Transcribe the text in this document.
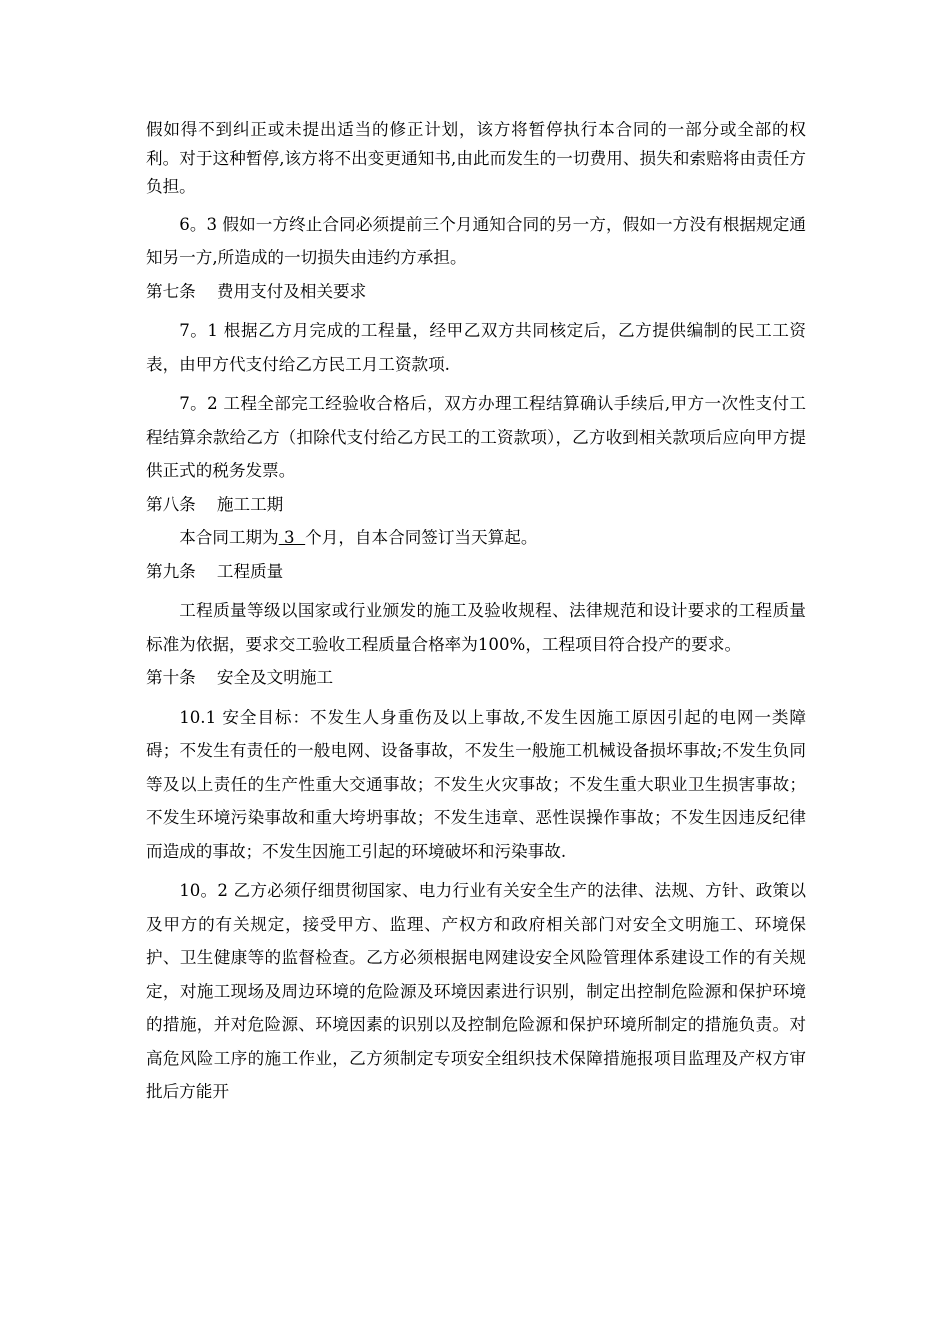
假如得不到纠正或未提出适当的修正计划，该方将暂停执行本合同的一部分或全部的权利。对于这种暂停,该方将不出变更通知书,由此而发生的一切费用、损失和索赔将由责任方负担。

6。3 假如一方终止合同必须提前三个月通知合同的另一方，假如一方没有根据规定通知另一方,所造成的一切损失由违约方承担。

第七条    费用支付及相关要求

7。1 根据乙方月完成的工程量，经甲乙双方共同核定后，乙方提供编制的民工工资表，由甲方代支付给乙方民工月工资款项.

7。2 工程全部完工经验收合格后，双方办理工程结算确认手续后,甲方一次性支付工程结算余款给乙方（扣除代支付给乙方民工的工资款项），乙方收到相关款项后应向甲方提供正式的税务发票。

第八条    施工工期

本合同工期为 3  个月，自本合同签订当天算起。

第九条    工程质量

工程质量等级以国家或行业颁发的施工及验收规程、法律规范和设计要求的工程质量标准为依据，要求交工验收工程质量合格率为100%，工程项目符合投产的要求。

第十条    安全及文明施工

10.1 安全目标：不发生人身重伤及以上事故,不发生因施工原因引起的电网一类障碍；不发生有责任的一般电网、设备事故，不发生一般施工机械设备损坏事故;不发生负同等及以上责任的生产性重大交通事故；不发生火灾事故；不发生重大职业卫生损害事故；不发生环境污染事故和重大垮坍事故；不发生违章、恶性误操作事故；不发生因违反纪律而造成的事故；不发生因施工引起的环境破坏和污染事故.

10。2 乙方必须仔细贯彻国家、电力行业有关安全生产的法律、法规、方针、政策以及甲方的有关规定，接受甲方、监理、产权方和政府相关部门对安全文明施工、环境保护、卫生健康等的监督检查。乙方必须根据电网建设安全风险管理体系建设工作的有关规定，对施工现场及周边环境的危险源及环境因素进行识别，制定出控制危险源和保护环境的措施，并对危险源、环境因素的识别以及控制危险源和保护环境所制定的措施负责。对高危风险工序的施工作业，乙方须制定专项安全组织技术保障措施报项目监理及产权方审批后方能开
